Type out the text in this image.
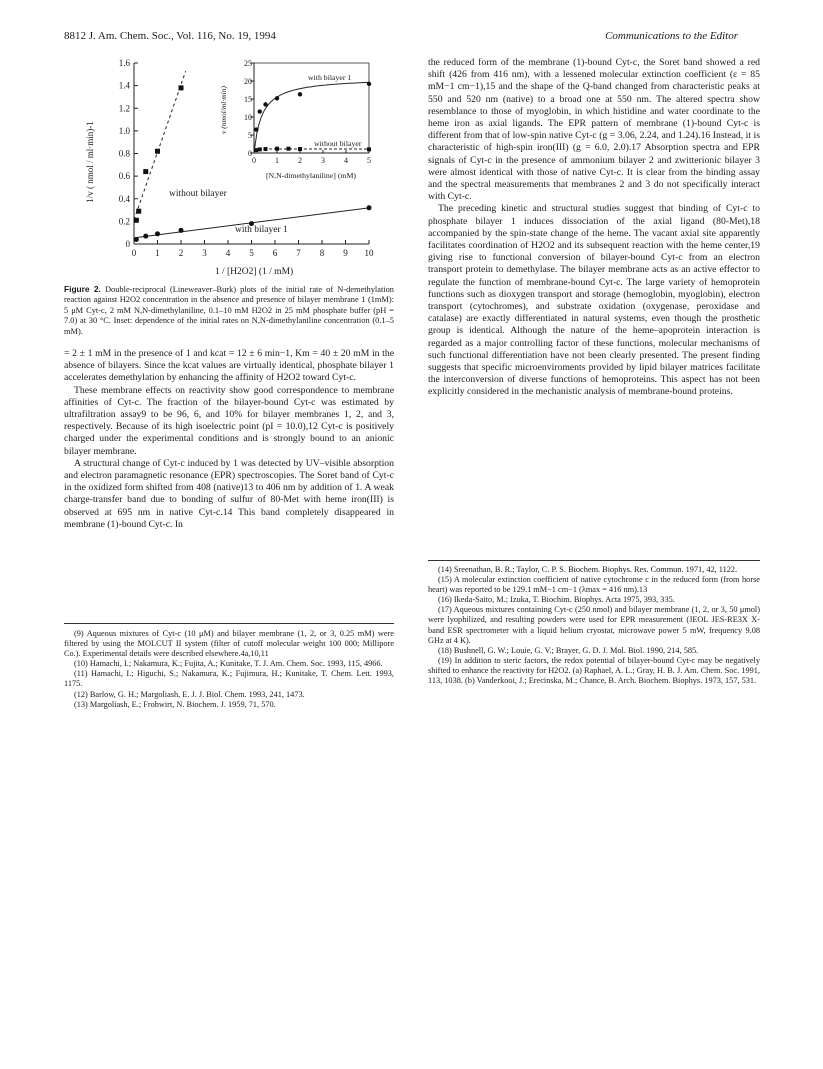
8812 J. Am. Chem. Soc., Vol. 116, No. 19, 1994	Communications to the Editor
0 1 2 3 4 5 6 7 8 9 10
0
0.2
0.4
0.6
0.8
1.0
1.2
1.4
1.6
1/v ( nmol / ml·min)-1
1 / [H2O2] (1 / mM)
without bilayer
with bilayer 1
0 1 2 3 4 5
0
5
10
15
20
25
v (nmol/ml·min)
[N,N-dimethylaniline] (mM)
with bilayer 1
without bilayer
Figure 2. Double-reciprocal (Lineweaver–Burk) plots of the initial rate of N-demethylation reaction against H2O2 concentration in the absence and presence of bilayer membrane 1 (1mM): 5 μM Cyt-c, 2 mM N,N-dimethylaniline, 0.1–10 mM H2O2 in 25 mM phosphate buffer (pH = 7.0) at 30 °C. Inset: dependence of the initial rates on N,N-dimethylaniline concentration (0.1–5 mM).

= 2 ± 1 mM in the presence of 1 and kcat = 12 ± 6 min−1, Km = 40 ± 20 mM in the absence of bilayers. Since the kcat values are virtually identical, phosphate bilayer 1 accelerates demethylation by enhancing the affinity of H2O2 toward Cyt-c.

These membrane effects on reactivity show good correspondence to membrane affinities of Cyt-c. The fraction of the bilayer-bound Cyt-c was estimated by ultrafiltration assay9 to be 96, 6, and 10% for bilayer membranes 1, 2, and 3, respectively. Because of its high isoelectric point (pI = 10.0),12 Cyt-c is positively charged under the experimental conditions and is strongly bound to an anionic bilayer membrane.

A structural change of Cyt-c induced by 1 was detected by UV–visible absorption and electron paramagnetic resonance (EPR) spectroscopies. The Soret band of Cyt-c in the oxidized form shifted from 408 (native)13 to 406 nm by addition of 1. A weak charge-transfer band due to bonding of sulfur of 80-Met with heme iron(III) is observed at 695 nm in native Cyt-c.14 This band completely disappeared in membrane (1)-bound Cyt-c. In

(9) Aqueous mixtures of Cyt-c (10 μM) and bilayer membrane (1, 2, or 3, 0.25 mM) were filtered by using the MOLCUT II system (filter of cutoff molecular weight 100 000; Millipore Co.). Experimental details were described elsewhere.4a,10,11

(10) Hamachi, I.; Nakamura, K.; Fujita, A.; Kunitake, T. J. Am. Chem. Soc. 1993, 115, 4966.

(11) Hamachi, I.; Higuchi, S.; Nakamura, K.; Fujimura, H.; Kunitake, T. Chem. Lett. 1993, 1175.

(12) Barlow, G. H.; Margoliash, E. J. J. Biol. Chem. 1993, 241, 1473.

(13) Margoliash, E.; Frohwirt, N. Biochem. J. 1959, 71, 570.

the reduced form of the membrane (1)-bound Cyt-c, the Soret band showed a red shift (426 from 416 nm), with a lessened molecular extinction coefficient (ε = 85 mM−1 cm−1),15 and the shape of the Q-band changed from characteristic peaks at 550 and 520 nm (native) to a broad one at 550 nm. The altered spectra show resemblance to those of myoglobin, in which histidine and water coordinate to the heme iron as axial ligands. The EPR pattern of membrane (1)-bound Cyt-c is different from that of low-spin native Cyt-c (g = 3.06, 2.24, and 1.24).16 Instead, it is characteristic of high-spin iron(III) (g = 6.0, 2.0).17 Absorption spectra and EPR signals of Cyt-c in the presence of ammonium bilayer 2 and zwitterionic bilayer 3 were almost identical with those of native Cyt-c. It is clear from the binding assay and the spectral measurements that membranes 2 and 3 do not specifically interact with Cyt-c.

The preceding kinetic and structural studies suggest that binding of Cyt-c to phosphate bilayer 1 induces dissociation of the axial ligand (80-Met),18 accompanied by the spin-state change of the heme. The vacant axial site apparently facilitates coordination of H2O2 and its subsequent reaction with the heme center,19 giving rise to functional conversion of bilayer-bound Cyt-c from an electron transport protein to demethylase. The bilayer membrane acts as an active effector to regulate the function of membrane-bound Cyt-c. The large variety of hemoprotein functions such as dioxygen transport and storage (hemoglobin, myoglobin), electron transport (cytochromes), and substrate oxidation (oxygenase, peroxidase and catalase) are exactly differentiated in natural systems, even though the prosthetic group is identical. Although the nature of the heme–apoprotein interaction is regarded as a major controlling factor of these functions, molecular mechanisms of such functional differentiation have not been clearly presented. The present finding suggests that specific microenviroments provided by lipid bilayer matrices facilitate the interconversion of diverse functions of hemoproteins. This aspect has not been explicitly considered in the mechanistic analysis of membrane-bound proteins.

(14) Sreenathan, B. R.; Taylor, C. P. S. Biochem. Biophys. Res. Commun. 1971, 42, 1122.

(15) A molecular extinction coefficient of native cytochrome c in the reduced form (from horse heart) was reported to be 129.1 mM−1 cm−1 (λmax = 416 nm).13

(16) Ikeda-Saito, M.; Izuka, T. Biochim. Biophys. Acta 1975, 393, 335.

(17) Aqueous mixtures containing Cyt-c (250 nmol) and bilayer membrane (1, 2, or 3, 50 μmol) were lyophilized, and resulting powders were used for EPR measurement (JEOL JES-RE3X X-band ESR spectrometer with a liquid helium cryostat, microwave power 5 mW, frequency 9.08 GHz at 4 K).

(18) Bushnell, G. W.; Louie, G. V.; Brayer, G. D. J. Mol. Biol. 1990, 214, 585.

(19) In addition to steric factors, the redox potential of bilayer-bound Cyt-c may be negatively shifted to enhance the reactivity for H2O2. (a) Raphael, A. L.; Gray, H. B. J. Am. Chem. Soc. 1991, 113, 1038. (b) Vanderkooi, J.; Erecinska, M.; Chance, B. Arch. Biochem. Biophys. 1973, 157, 531.
